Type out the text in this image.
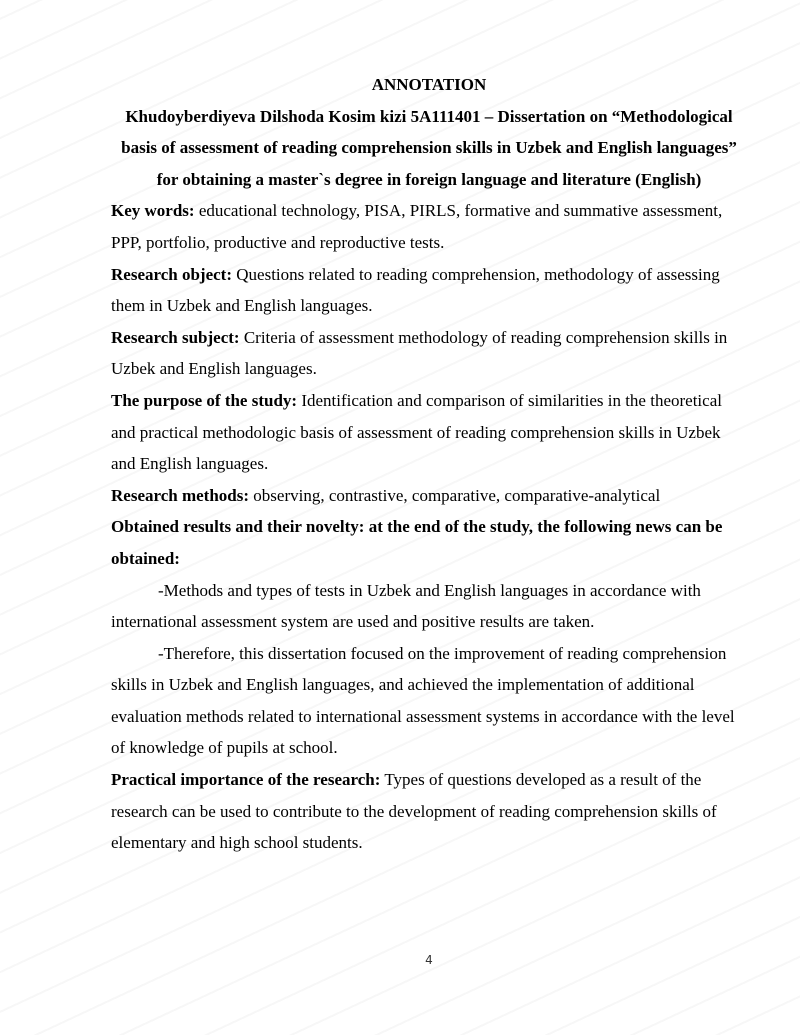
ANNOTATION

Khudoyberdiyeva Dilshoda Kosim kizi 5A111401 – Dissertation on “Methodological basis of assessment of reading comprehension skills in Uzbek and English languages” for obtaining a master`s degree in foreign language and literature (English)

Key words: educational technology, PISA, PIRLS, formative and summative assessment, PPP, portfolio, productive and reproductive tests.

Research object: Questions related to reading comprehension, methodology of assessing them in Uzbek and English languages.

Research subject: Criteria of assessment methodology of reading comprehension skills in Uzbek and English languages.

The purpose of the study: Identification and comparison of similarities in the theoretical and practical methodologic basis of assessment of reading comprehension skills in Uzbek and English languages.

Research methods: observing, contrastive, comparative, comparative-analytical

Obtained results and their novelty: at the end of the study, the following news can be obtained:

-Methods and types of tests in Uzbek and English languages in accordance with international assessment system are used and positive results are taken.

-Therefore, this dissertation focused on the improvement of reading comprehension skills in Uzbek and English languages, and achieved the implementation of additional evaluation methods related to international assessment systems in accordance with the level of knowledge of pupils at school.

Practical importance of the research: Types of questions developed as a result of the research can be used to contribute to the development of reading comprehension skills of elementary and high school students.

4
